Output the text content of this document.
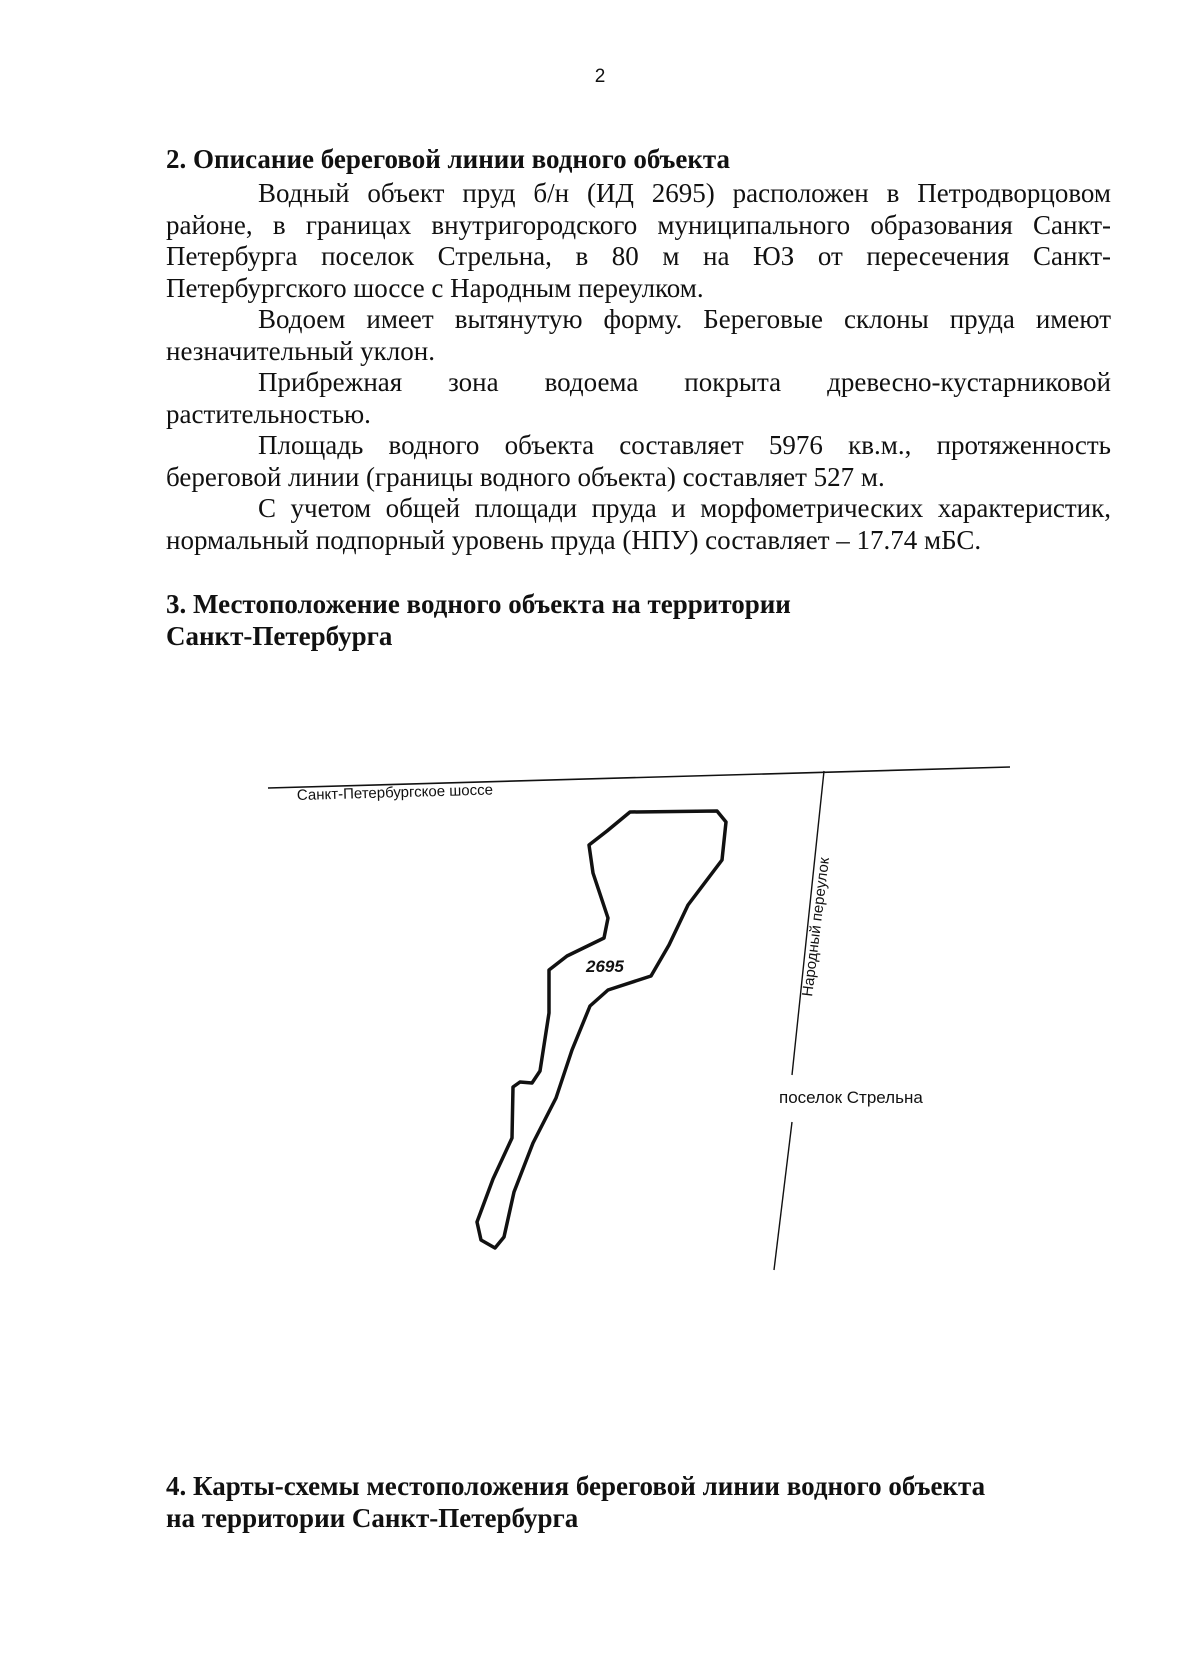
2
2. Описание береговой линии водного объекта
Водный объект пруд б/н (ИД 2695) расположен в Петродворцовом районе, в границах внутригородского муниципального образования Санкт-Петербурга поселок Стрельна, в 80 м на ЮЗ от пересечения Санкт-Петербургского шоссе с Народным переулком.
Водоем имеет вытянутую форму. Береговые склоны пруда имеют незначительный уклон.
Прибрежная зона водоема покрыта древесно-кустарниковой растительностью.
Площадь водного объекта составляет 5976 кв.м., протяженность береговой линии (границы водного объекта) составляет 527 м.
С учетом общей площади пруда и морфометрических характеристик, нормальный подпорный уровень пруда (НПУ) составляет – 17.74 мБС.
3. Местоположение водного объекта на территории
Санкт-Петербурга
Санкт-Петербургское шоссе
Народный переулок
2695
поселок Стрельна
4. Карты-схемы местоположения береговой линии водного объекта
на территории Санкт-Петербурга
